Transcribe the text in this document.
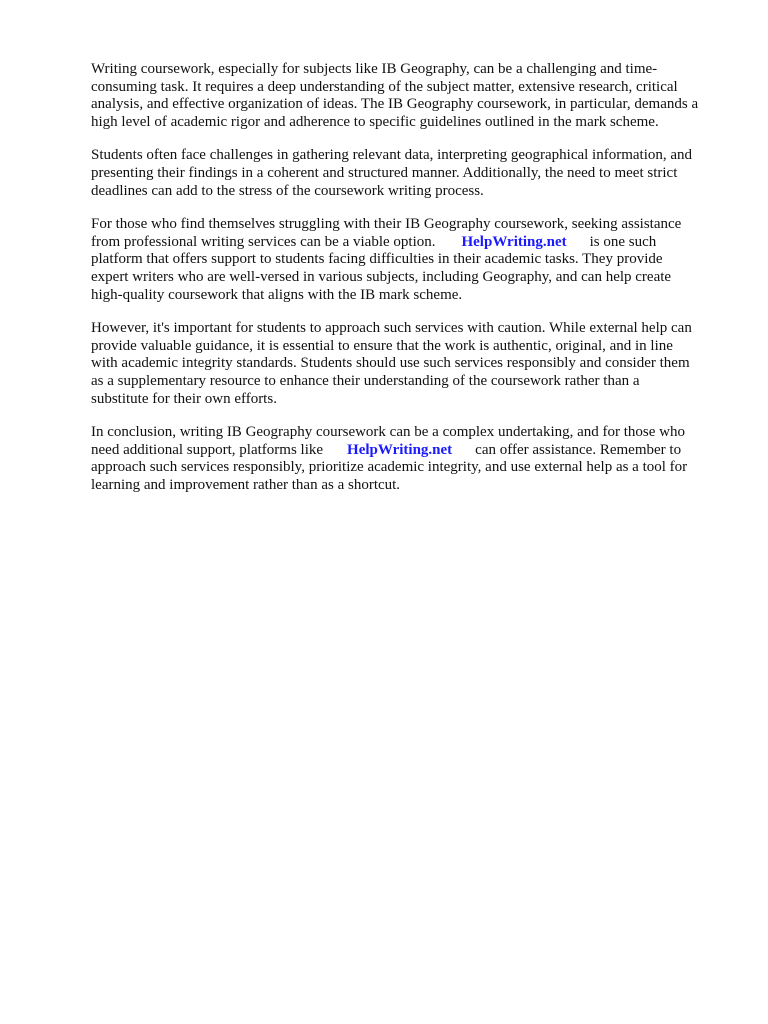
Writing coursework, especially for subjects like IB Geography, can be a challenging and time-
consuming task. It requires a deep understanding of the subject matter, extensive research, critical
analysis, and effective organization of ideas. The IB Geography coursework, in particular, demands a
high level of academic rigor and adherence to specific guidelines outlined in the mark scheme.
Students often face challenges in gathering relevant data, interpreting geographical information, and
presenting their findings in a coherent and structured manner. Additionally, the need to meet strict
deadlines can add to the stress of the coursework writing process.
For those who find themselves struggling with their IB Geography coursework, seeking assistance
from professional writing services can be a viable option. HelpWriting.net is one such
platform that offers support to students facing difficulties in their academic tasks. They provide
expert writers who are well-versed in various subjects, including Geography, and can help create
high-quality coursework that aligns with the IB mark scheme.
However, it's important for students to approach such services with caution. While external help can
provide valuable guidance, it is essential to ensure that the work is authentic, original, and in line
with academic integrity standards. Students should use such services responsibly and consider them
as a supplementary resource to enhance their understanding of the coursework rather than a
substitute for their own efforts.
In conclusion, writing IB Geography coursework can be a complex undertaking, and for those who
need additional support, platforms like HelpWriting.net can offer assistance. Remember to
approach such services responsibly, prioritize academic integrity, and use external help as a tool for
learning and improvement rather than as a shortcut.
